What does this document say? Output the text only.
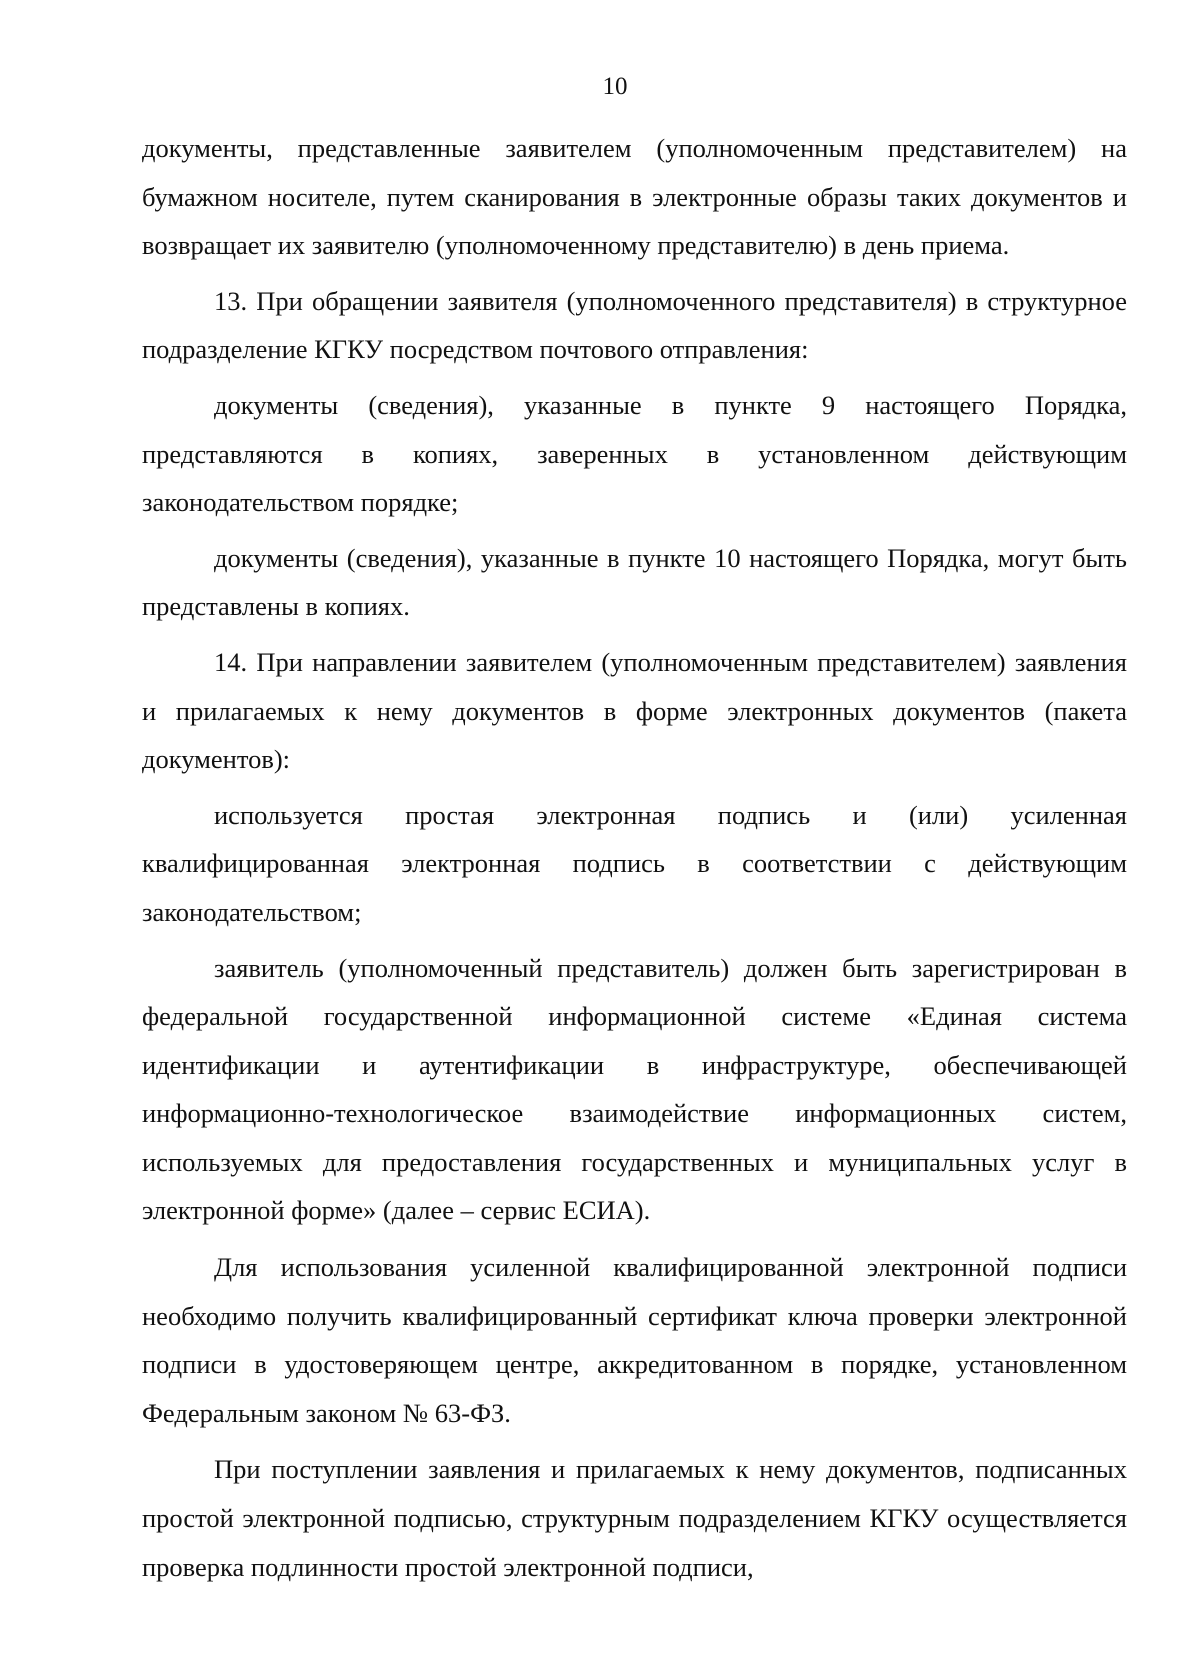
10

документы, представленные заявителем (уполномоченным представителем) на бумажном носителе, путем сканирования в электронные образы таких документов и возвращает их заявителю (уполномоченному представителю) в день приема.

13. При обращении заявителя (уполномоченного представителя) в структурное подразделение КГКУ посредством почтового отправления:

документы (сведения), указанные в пункте 9 настоящего Порядка, представляются в копиях, заверенных в установленном действующим законодательством порядке;

документы (сведения), указанные в пункте 10 настоящего Порядка, могут быть представлены в копиях.

14. При направлении заявителем (уполномоченным представителем) заявления и прилагаемых к нему документов в форме электронных документов (пакета документов):

используется простая электронная подпись и (или) усиленная квалифицированная электронная подпись в соответствии с действующим законодательством;

заявитель (уполномоченный представитель) должен быть зарегистрирован в федеральной государственной информационной системе «Единая система идентификации и аутентификации в инфраструктуре, обеспечивающей информационно-технологическое взаимодействие информационных систем, используемых для предоставления государственных и муниципальных услуг в электронной форме» (далее – сервис ЕСИА).

Для использования усиленной квалифицированной электронной подписи необходимо получить квалифицированный сертификат ключа проверки электронной подписи в удостоверяющем центре, аккредитованном в порядке, установленном Федеральным законом № 63-ФЗ.

При поступлении заявления и прилагаемых к нему документов, подписанных простой электронной подписью, структурным подразделением КГКУ осуществляется проверка подлинности простой электронной подписи,
